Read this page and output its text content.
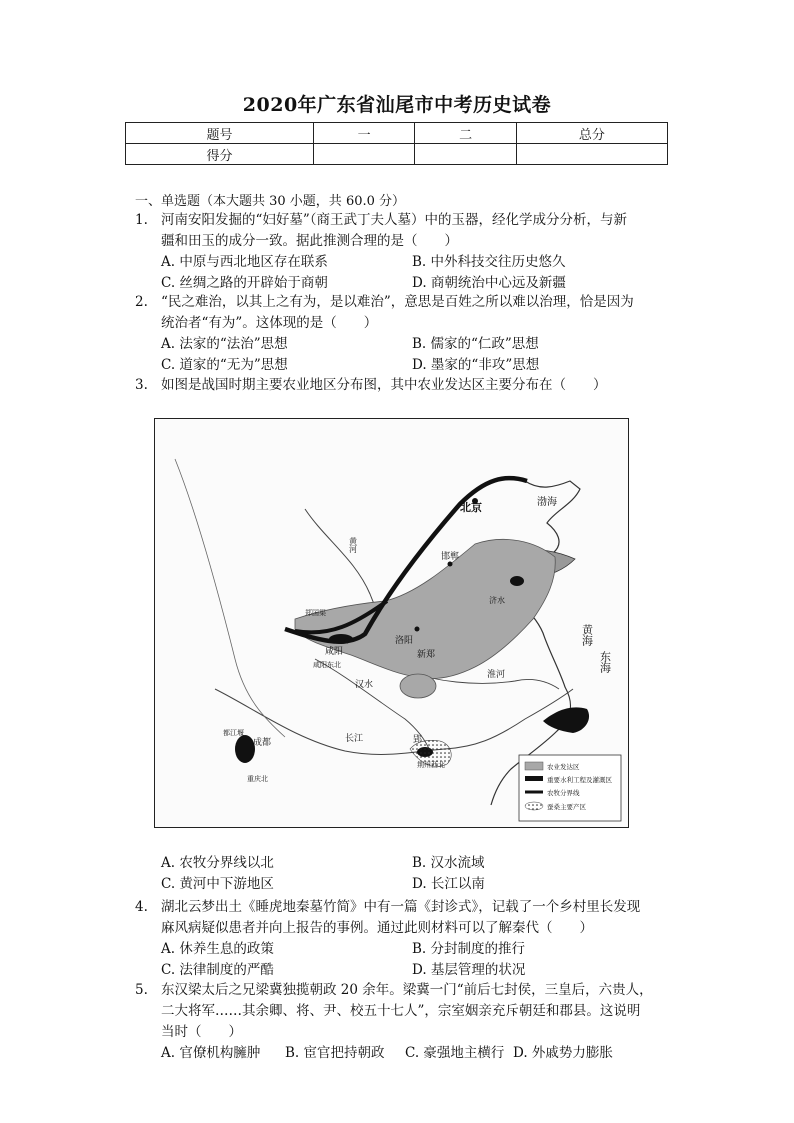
2020年广东省汕尾市中考历史试卷
题号	一	二	总分
得分			
一、单选题（本大题共 30 小题，共 60.0 分）
1. 河南安阳发掘的“妇好墓”（商王武丁夫人墓）中的玉器，经化学成分分析，与新
疆和田玉的成分一致。据此推测合理的是（　　）
A. 中原与西北地区存在联系	B. 中外科技交往历史悠久
C. 丝绸之路的开辟始于商朝	D. 商朝统治中心远及新疆
2. “民之难治，以其上之有为，是以难治”，意思是百姓之所以难以治理，恰是因为
统治者“有为”。这体现的是（　　）
A. 法家的“法治”思想	B. 儒家的“仁政”思想
C. 道家的“无为”思想	D. 墨家的“非攻”思想
3. 如图是战国时期主要农业地区分布图，其中农业发达区主要分布在（　　）
北京
咸阳
咸阳东北
洛阳
邯郸
新郑
郢
成都
都江堰
重庆北
荆州西北
郑国渠
黄河
济水
汉水
淮河
长江
渤海
黄海
东海
农业发达区
重要水利工程及灌溉区
农牧分界线
蚕桑主要产区
A. 农牧分界线以北	B. 汉水流域
C. 黄河中下游地区	D. 长江以南
4. 湖北云梦出土《睡虎地秦墓竹简》中有一篇《封诊式》，记载了一个乡村里长发现
麻风病疑似患者并向上报告的事例。通过此则材料可以了解秦代（　　）
A. 休养生息的政策	B. 分封制度的推行
C. 法律制度的严酷	D. 基层管理的状况
5. 东汉梁太后之兄梁冀独揽朝政 20 余年。梁冀一门“前后七封侯，三皇后，六贵人，
二大将军……其余卿、将、尹、校五十七人”，宗室姻亲充斥朝廷和郡县。这说明
当时（　　）
A. 官僚机构臃肿 B. 宦官把持朝政 C. 豪强地主横行 D. 外戚势力膨胀
